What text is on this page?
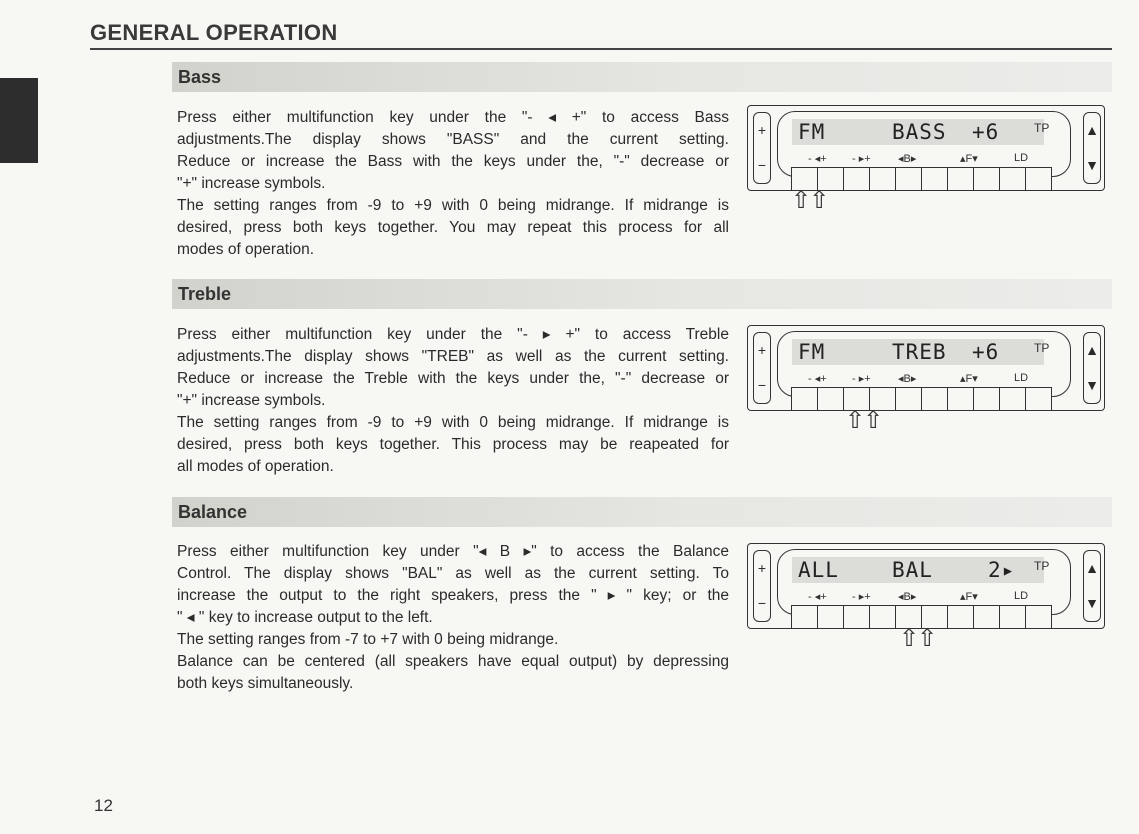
GENERAL OPERATION
Bass

Press either multifunction key under the "- ◂ +" to access Bass

adjustments.The display shows "BASS" and the current setting.

Reduce or increase the Bass with the keys under the, "-" decrease or

"+" increase symbols.

The setting ranges from -9 to +9 with 0 being midrange. If midrange is

desired, press both keys together. You may repeat this process for all

modes of operation.

+
−
▲
▼
FM	BASS +6	TP
- ◂+ - ▸+ ◂B▸	▴F▾	LD
⇧⇧
Treble

Press either multifunction key under the "- ▸ +" to access Treble

adjustments.The display shows "TREB" as well as the current setting.

Reduce or increase the Treble with the keys under the, "-" decrease or

"+" increase symbols.

The setting ranges from -9 to +9 with 0 being midrange. If midrange is

desired, press both keys together. This process may be reapeated for

all modes of operation.

+
−
▲
▼
FM	TREB +6	TP
- ◂+ - ▸+ ◂B▸	▴F▾	LD
⇧⇧
Balance

Press either multifunction key under "◂ B ▸" to access the Balance

Control. The display shows "BAL" as well as the current setting. To

increase the output to the right speakers, press the " ▸ " key; or the

" ◂ " key to increase output to the left.

The setting ranges from -7 to +7 with 0 being midrange.

Balance can be centered (all speakers have equal output) by depressing

both keys simultaneously.

+
−
▲
▼
ALL	BAL	2▸ TP
- ◂+ - ▸+ ◂B▸	▴F▾	LD
⇧⇧
12
